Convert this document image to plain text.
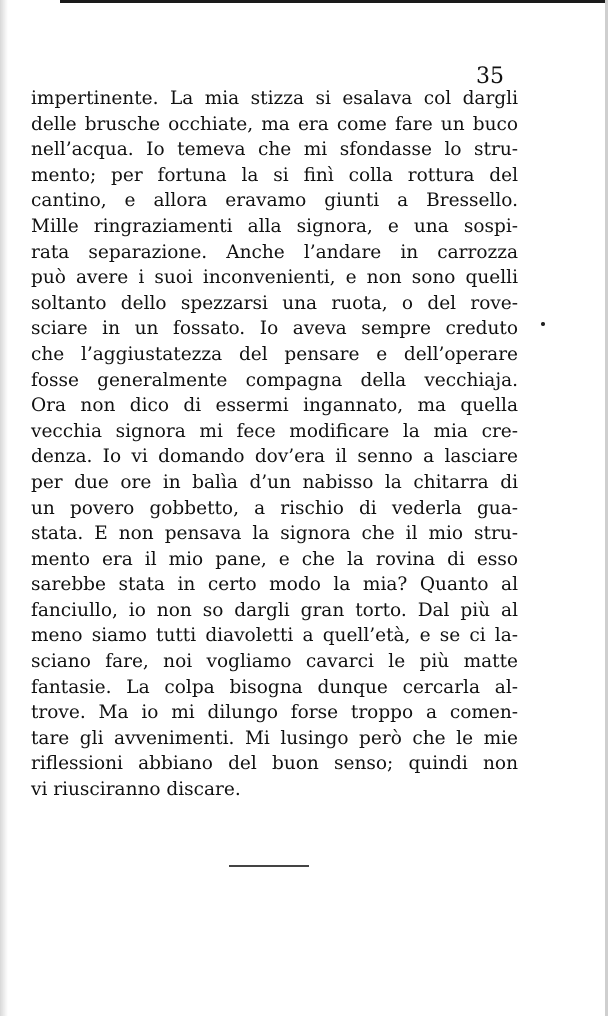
35
impertinente. La mia stizza si esalava col dargli
delle brusche occhiate, ma era come fare un buco
nell’acqua. Io temeva che mi sfondasse lo stru-
mento; per fortuna la si finì colla rottura del
cantino, e allora eravamo giunti a Bressello.
Mille ringraziamenti alla signora, e una sospi-
rata separazione. Anche l’andare in carrozza
può avere i suoi inconvenienti, e non sono quelli
soltanto dello spezzarsi una ruota, o del rove-
sciare in un fossato. Io aveva sempre creduto
che l’aggiustatezza del pensare e dell’operare
fosse generalmente compagna della vecchiaja.
Ora non dico di essermi ingannato, ma quella
vecchia signora mi fece modificare la mia cre-
denza. Io vi domando dov’era il senno a lasciare
per due ore in balìa d’un nabisso la chitarra di
un povero gobbetto, a rischio di vederla gua-
stata. E non pensava la signora che il mio stru-
mento era il mio pane, e che la rovina di esso
sarebbe stata in certo modo la mia? Quanto al
fanciullo, io non so dargli gran torto. Dal più al
meno siamo tutti diavoletti a quell’età, e se ci la-
sciano fare, noi vogliamo cavarci le più matte
fantasie. La colpa bisogna dunque cercarla al-
trove. Ma io mi dilungo forse troppo a comen-
tare gli avvenimenti. Mi lusingo però che le mie
riflessioni abbiano del buon senso; quindi non
vi riusciranno discare.
